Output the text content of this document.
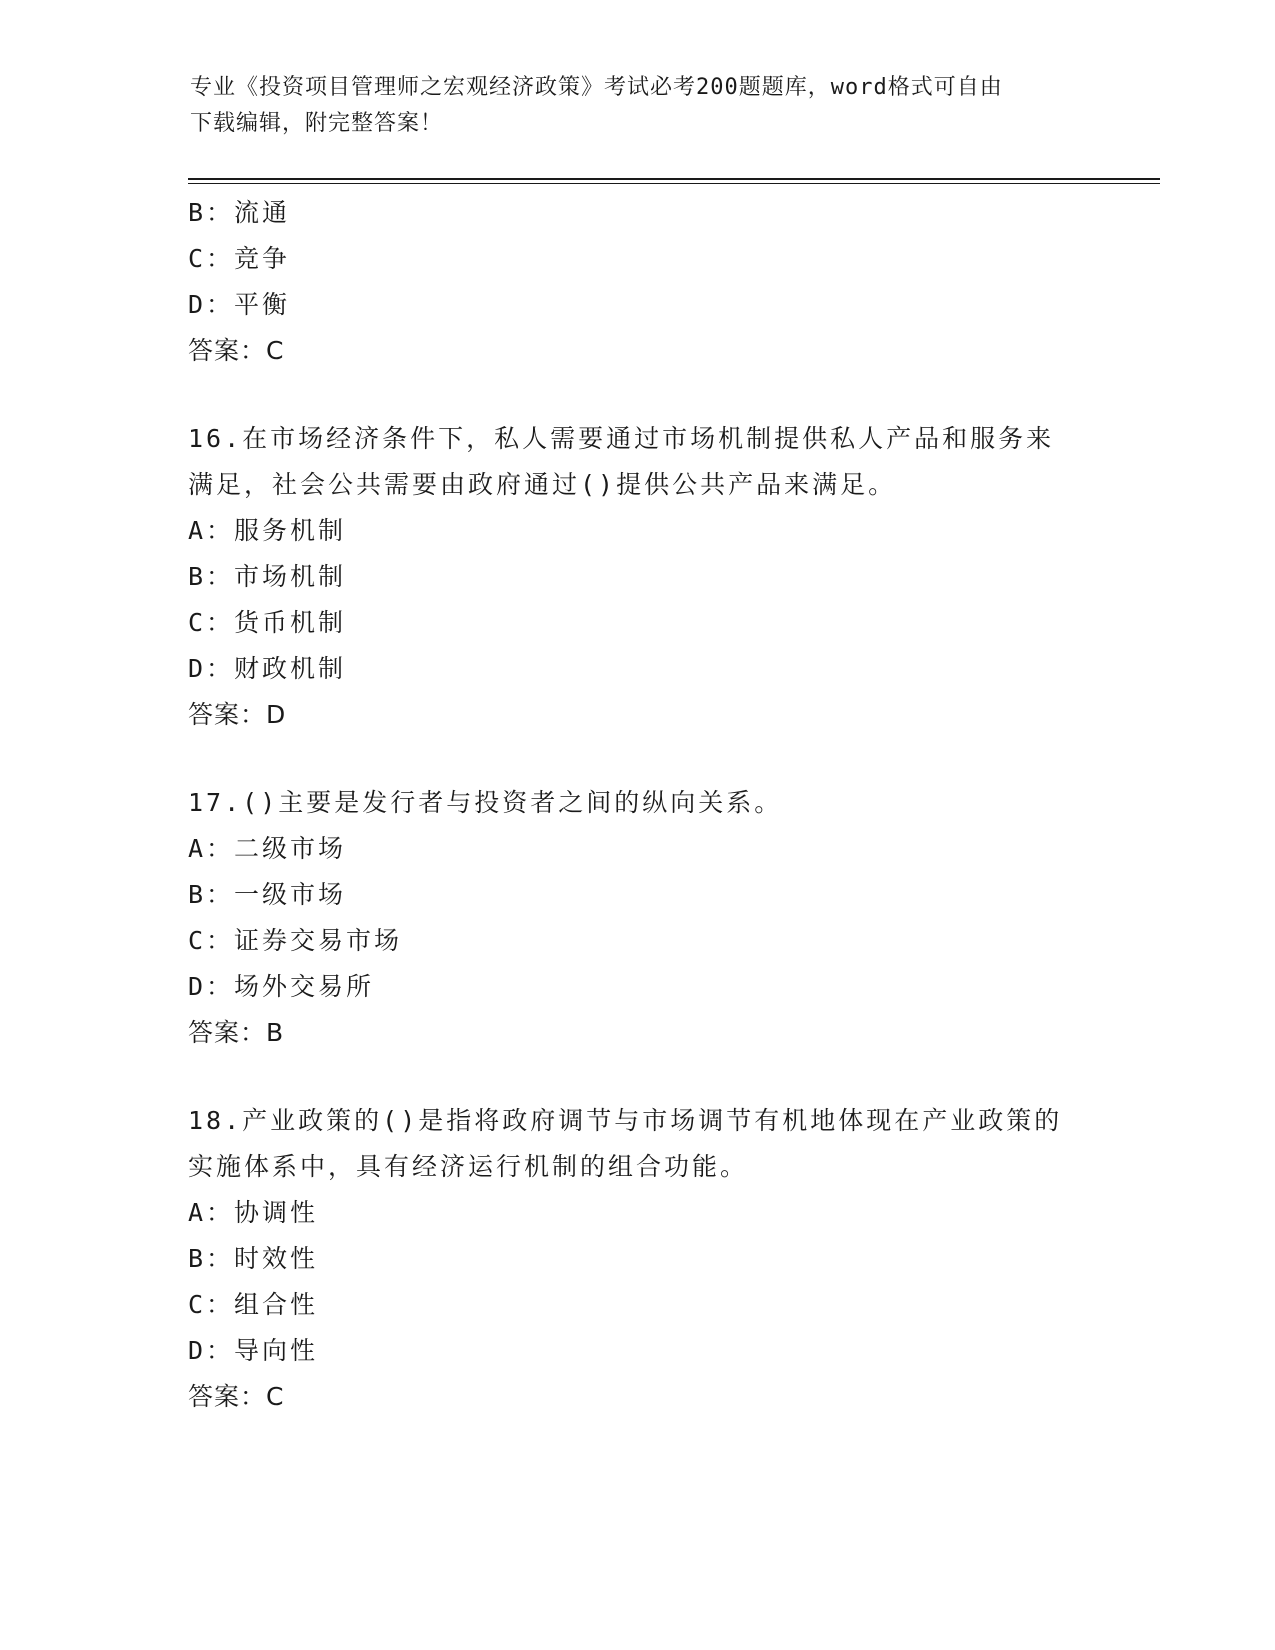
专业《投资项目管理师之宏观经济政策》考试必考200题题库，word格式可自由
下载编辑，附完整答案！
B：流通
C：竞争
D：平衡
答案：C
16.在市场经济条件下，私人需要通过市场机制提供私人产品和服务来
满足，社会公共需要由政府通过()提供公共产品来满足。
A：服务机制
B：市场机制
C：货币机制
D：财政机制
答案：D
17.()主要是发行者与投资者之间的纵向关系。
A：二级市场
B：一级市场
C：证券交易市场
D：场外交易所
答案：B
18.产业政策的()是指将政府调节与市场调节有机地体现在产业政策的
实施体系中，具有经济运行机制的组合功能。
A：协调性
B：时效性
C：组合性
D：导向性
答案：C
